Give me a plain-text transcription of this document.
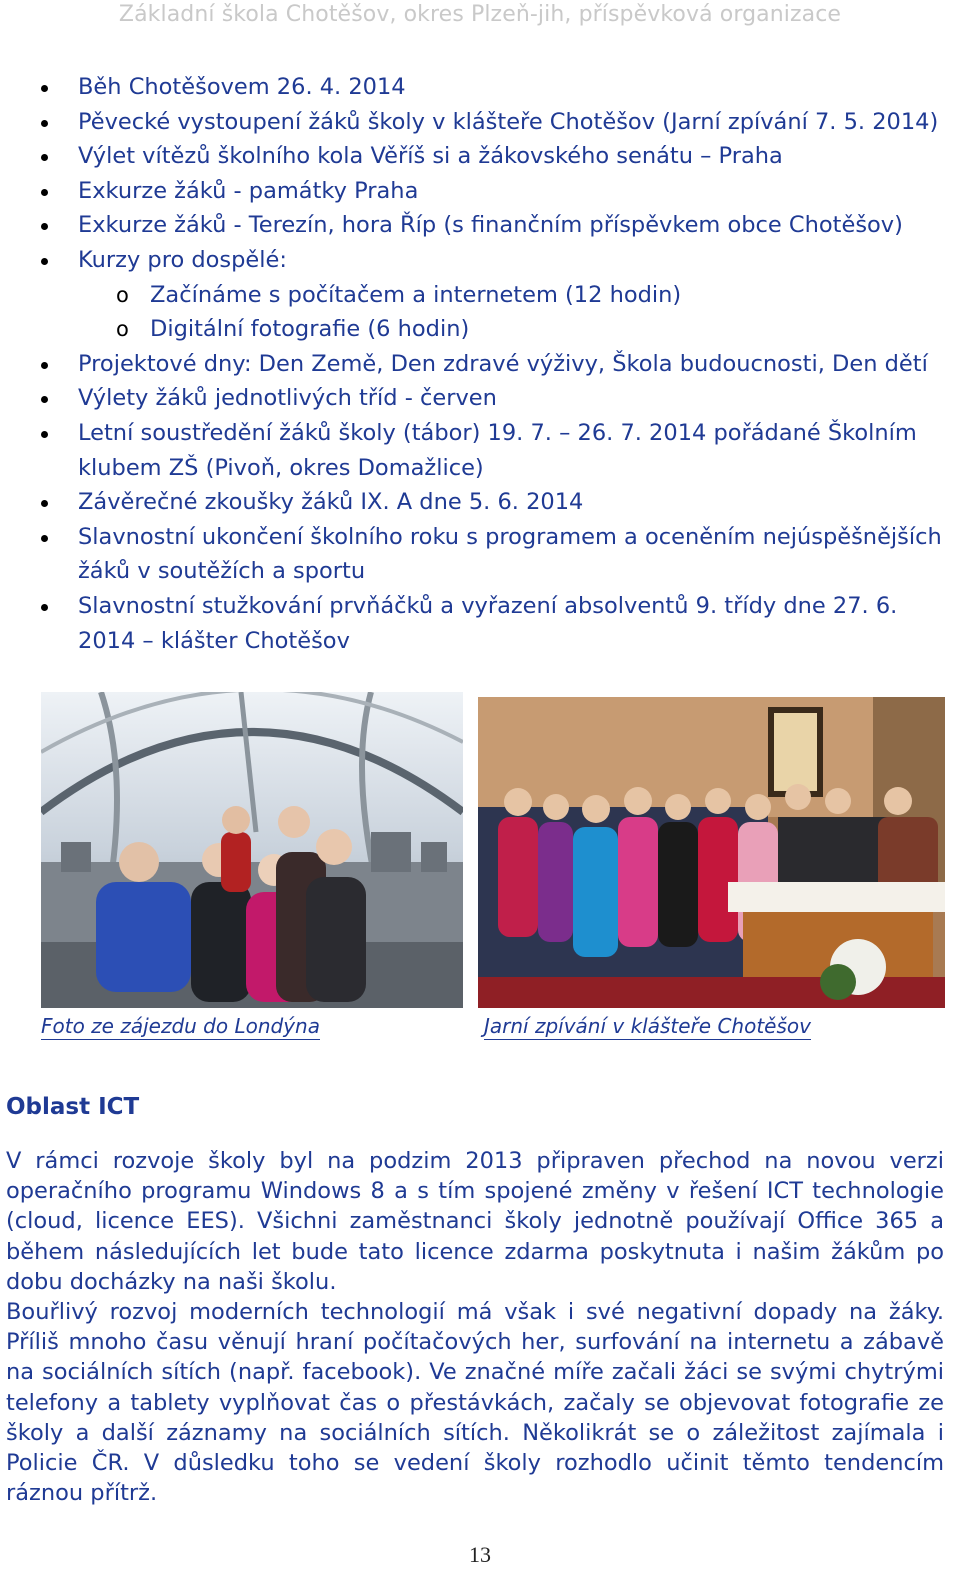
Základní škola Chotěšov, okres Plzeň-jih, příspěvková organizace
Běh Chotěšovem 26. 4. 2014
Pěvecké vystoupení žáků školy v klášteře Chotěšov (Jarní zpívání 7. 5. 2014)
Výlet vítězů školního kola Věříš si a žákovského senátu – Praha
Exkurze žáků - památky Praha
Exkurze žáků - Terezín, hora Říp (s finančním příspěvkem obce Chotěšov)
Kurzy pro dospělé:
o Začínáme s počítačem a internetem (12 hodin)
o Digitální fotografie (6 hodin)
Projektové dny: Den Země, Den zdravé výživy, Škola budoucnosti, Den dětí
Výlety žáků jednotlivých tříd - červen
Letní soustředění žáků školy (tábor) 19. 7. – 26. 7. 2014 pořádané Školním klubem ZŠ (Pivoň, okres Domažlice)
Závěrečné zkoušky žáků IX. A dne 5. 6. 2014
Slavnostní ukončení školního roku s programem a oceněním nejúspěšnějších žáků v soutěžích a sportu
Slavnostní stužkování prvňáčků a vyřazení absolventů 9. třídy dne 27. 6. 2014 – klášter Chotěšov
Foto ze zájezdu do Londýna	Jarní zpívání v klášteře Chotěšov
Oblast ICT

V rámci rozvoje školy byl na podzim 2013 připraven přechod na novou verzi operačního programu Windows 8 a s tím spojené změny v řešení ICT technologie (cloud, licence EES). Všichni zaměstnanci školy jednotně používají Office 365 a během následujících let bude tato licence zdarma poskytnuta i našim žákům po dobu docházky na naši školu.

Bouřlivý rozvoj moderních technologií má však i své negativní dopady na žáky. Příliš mnoho času věnují hraní počítačových her, surfování na internetu a zábavě na sociálních sítích (např. facebook). Ve značné míře začali žáci se svými chytrými telefony a tablety vyplňovat čas o přestávkách, začaly se objevovat fotografie ze školy a další záznamy na sociálních sítích. Několikrát se o záležitost zajímala i Policie ČR. V důsledku toho se vedení školy rozhodlo učinit těmto tendencím ráznou přítrž.

13
